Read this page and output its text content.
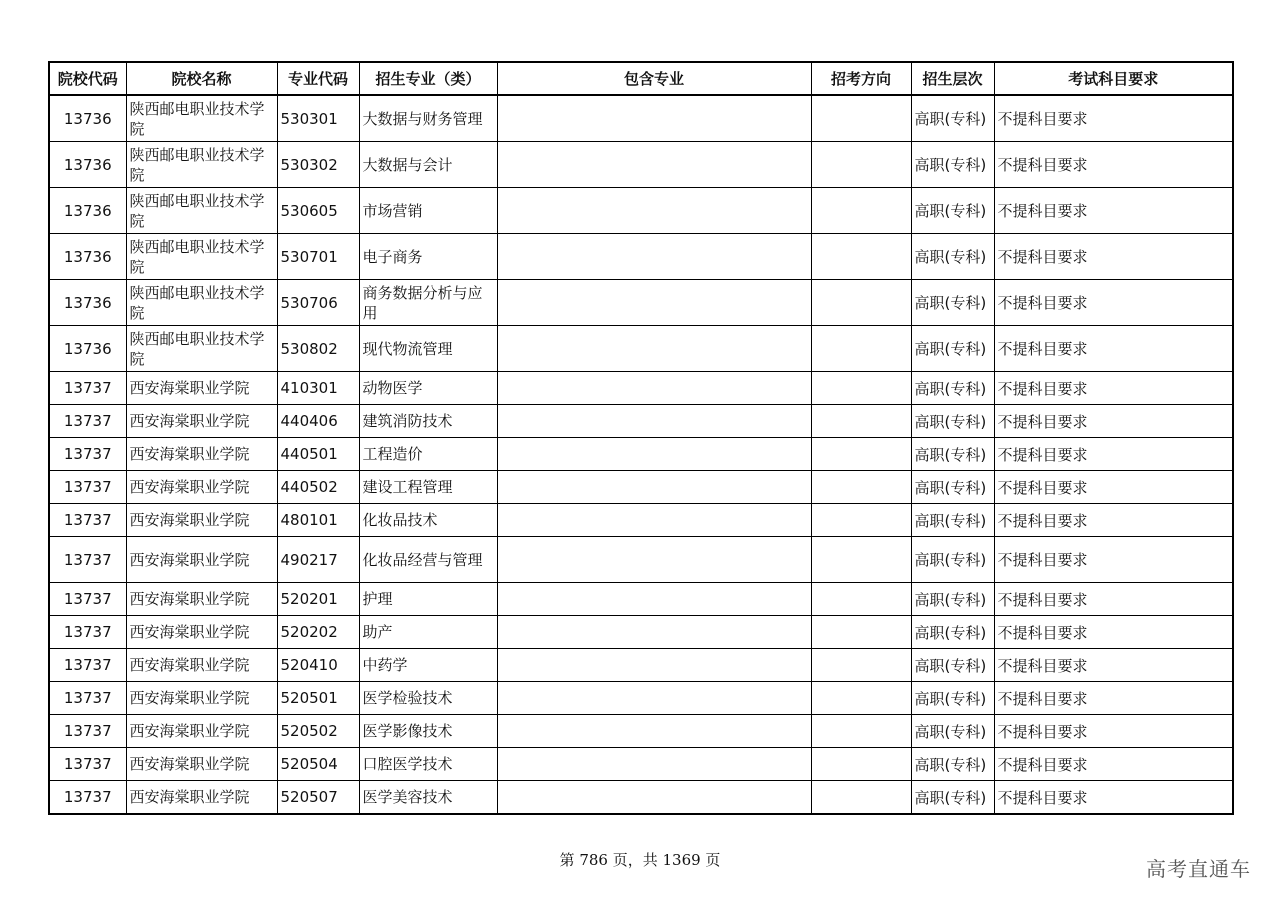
院校代码	院校名称	专业代码	招生专业（类）	包含专业	招考方向	招生层次	考试科目要求
13736	陕西邮电职业技术学院	530301	大数据与财务管理			高职(专科)	不提科目要求
13736	陕西邮电职业技术学院	530302	大数据与会计			高职(专科)	不提科目要求
13736	陕西邮电职业技术学院	530605	市场营销			高职(专科)	不提科目要求
13736	陕西邮电职业技术学院	530701	电子商务			高职(专科)	不提科目要求
13736	陕西邮电职业技术学院	530706	商务数据分析与应用			高职(专科)	不提科目要求
13736	陕西邮电职业技术学院	530802	现代物流管理			高职(专科)	不提科目要求
13737	西安海棠职业学院	410301	动物医学			高职(专科)	不提科目要求
13737	西安海棠职业学院	440406	建筑消防技术			高职(专科)	不提科目要求
13737	西安海棠职业学院	440501	工程造价			高职(专科)	不提科目要求
13737	西安海棠职业学院	440502	建设工程管理			高职(专科)	不提科目要求
13737	西安海棠职业学院	480101	化妆品技术			高职(专科)	不提科目要求
13737	西安海棠职业学院	490217	化妆品经营与管理			高职(专科)	不提科目要求
13737	西安海棠职业学院	520201	护理			高职(专科)	不提科目要求
13737	西安海棠职业学院	520202	助产			高职(专科)	不提科目要求
13737	西安海棠职业学院	520410	中药学			高职(专科)	不提科目要求
13737	西安海棠职业学院	520501	医学检验技术			高职(专科)	不提科目要求
13737	西安海棠职业学院	520502	医学影像技术			高职(专科)	不提科目要求
13737	西安海棠职业学院	520504	口腔医学技术			高职(专科)	不提科目要求
13737	西安海棠职业学院	520507	医学美容技术			高职(专科)	不提科目要求
第 786 页，共 1369 页	高考直通车
